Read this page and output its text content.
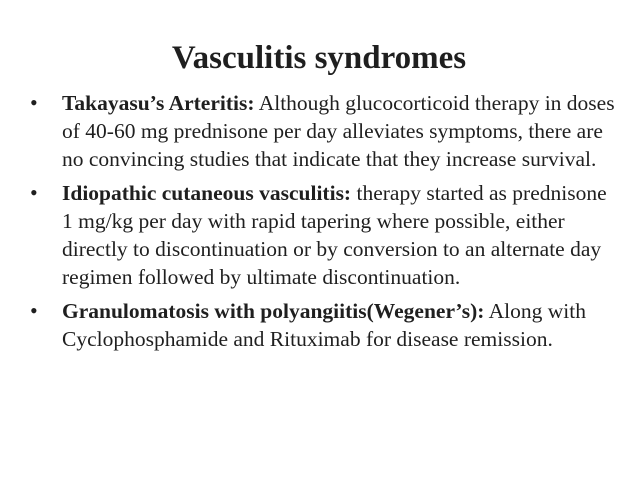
Vasculitis syndromes
• Takayasu’s Arteritis: Although glucocorticoid therapy in doses of 40-60 mg prednisone per day alleviates symptoms, there are no convincing studies that indicate that they increase survival.
• Idiopathic cutaneous vasculitis: therapy started as prednisone 1 mg/kg per day with rapid tapering where possible, either directly to discontinuation or by conversion to an alternate day regimen followed by ultimate discontinuation.
• Granulomatosis with polyangiitis(Wegener’s): Along with  Cyclophosphamide and Rituximab for disease remission.
